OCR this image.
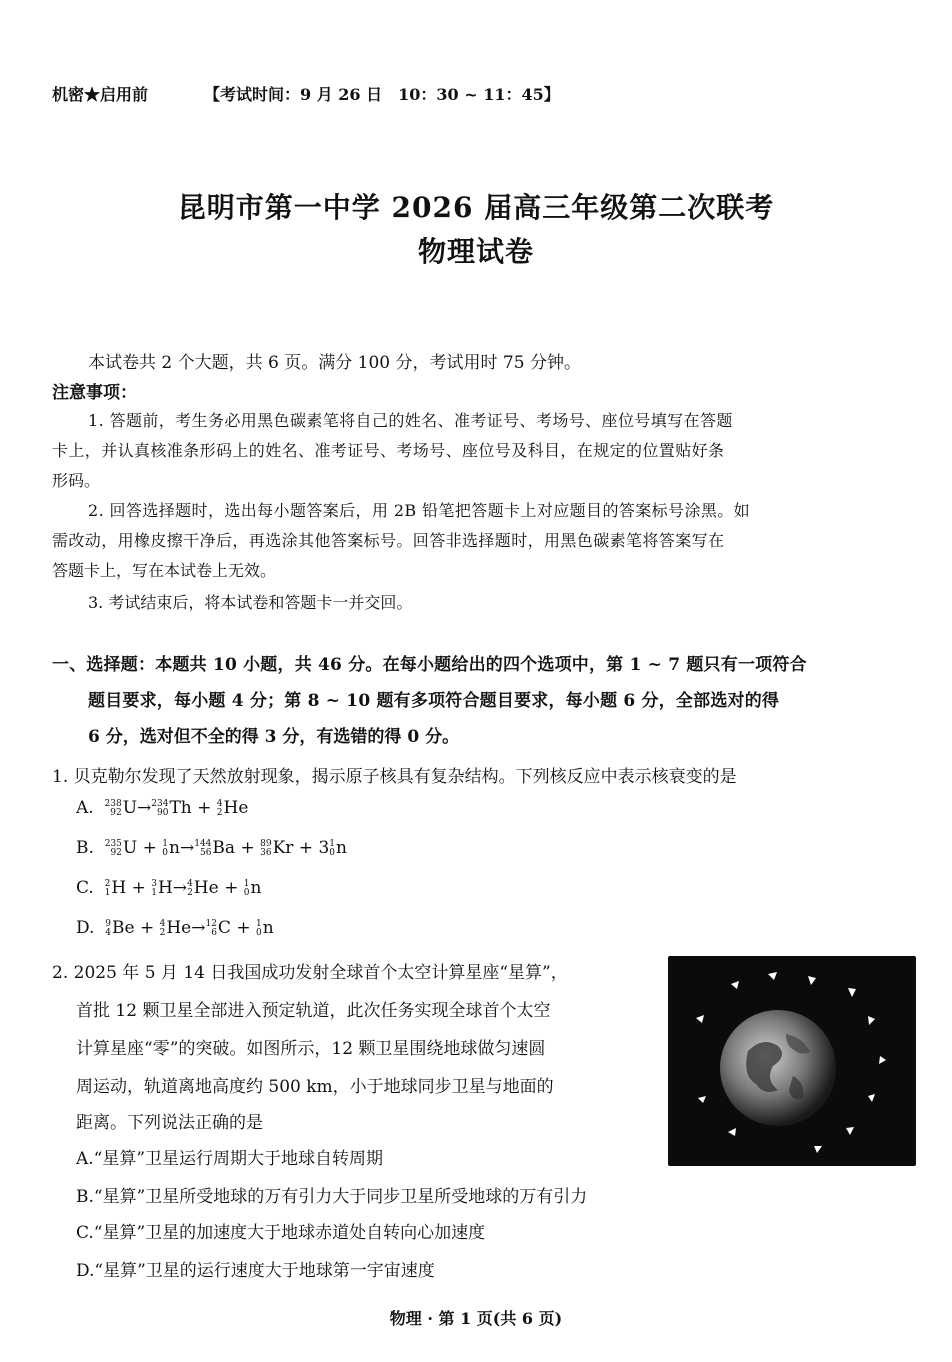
机密★启用前	【考试时间：9 月 26 日　10：30 ~ 11：45】
昆明市第一中学 2026 届高三年级第二次联考
物理试卷
本试卷共 2 个大题，共 6 页。满分 100 分，考试用时 75 分钟。
注意事项：
1. 答题前，考生务必用黑色碳素笔将自己的姓名、准考证号、考场号、座位号填写在答题
卡上，并认真核准条形码上的姓名、准考证号、考场号、座位号及科目，在规定的位置贴好条
形码。
2. 回答选择题时，选出每小题答案后，用 2B 铅笔把答题卡上对应题目的答案标号涂黑。如
需改动，用橡皮擦干净后，再选涂其他答案标号。回答非选择题时，用黑色碳素笔将答案写在
答题卡上，写在本试卷上无效。
3. 考试结束后，将本试卷和答题卡一并交回。
一、选择题：本题共 10 小题，共 46 分。在每小题给出的四个选项中，第 1 ~ 7 题只有一项符合
题目要求，每小题 4 分；第 8 ~ 10 题有多项符合题目要求，每小题 6 分，全部选对的得
6 分，选对但不全的得 3 分，有选错的得 0 分。
1. 贝克勒尔发现了天然放射现象，揭示原子核具有复杂结构。下列核反应中表示核衰变的是
A. 238
92 U→ 234
90 Th + 4
2 He
B. 235
92 U + 1
0 n→ 144
56 Ba + 89
36 Kr + 3 1
0 n
C. 2
1 H + 3
1 H→ 4
2 He + 1
0 n
D. 9
4 Be + 4
2 He→ 12
6 C + 1
0 n
2. 2025 年 5 月 14 日我国成功发射全球首个太空计算星座“星算”，
首批 12 颗卫星全部进入预定轨道，此次任务实现全球首个太空
计算星座“零”的突破。如图所示，12 颗卫星围绕地球做匀速圆
周运动，轨道离地高度约 500 km，小于地球同步卫星与地面的
距离。下列说法正确的是
A.“星算”卫星运行周期大于地球自转周期
B.“星算”卫星所受地球的万有引力大于同步卫星所受地球的万有引力
C.“星算”卫星的加速度大于地球赤道处自转向心加速度
D.“星算”卫星的运行速度大于地球第一宇宙速度
物理 · 第 1 页(共 6 页)
